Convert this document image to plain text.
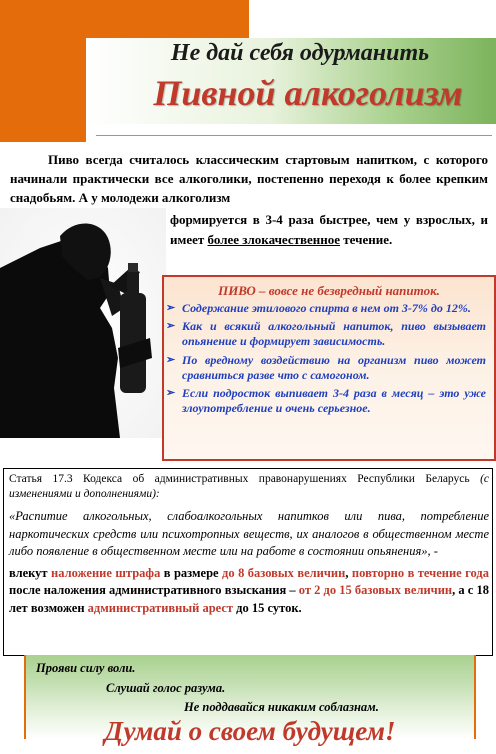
Не дай себя одурманить
Пивной алкоголизм

Пиво всегда считалось классическим стартовым напитком, с которого начинали практически все алкоголики, постепенно переходя к более крепким снадобьям. А у молодежи алкоголизм

формируется в 3-4 раза быстрее, чем у взрослых, и имеет более злокачественное течение.

ПИВО – вовсе не безвредный напиток.
➢ Содержание этилового спирта в нем от 3-7% до 12%.
➢ Как и всякий алкогольный напиток, пиво вызывает опьянение и формирует зависимость.
➢ По вредному воздействию на организм пиво может сравниться разве что с самогоном.
➢ Если подросток выпивает 3-4 раза в месяц – это уже злоупотребление и очень серьезное.

Статья 17.3 Кодекса об административных правонарушениях Республики Беларусь (с изменениями и дополнениями):

«Распитие алкогольных, слабоалкогольных напитков или пива, потребление наркотических средств или психотропных веществ, их аналогов в общественном месте либо появление в общественном месте или на работе в состоянии опьянения», -

влекут наложение штрафа в размере до 8 базовых величин, повторно в течение года после наложения административного взыскания – от 2 до 15 базовых величин, а с 18 лет возможен административный арест до 15 суток.

Прояви силу воли.
Слушай голос разума.
Не поддавайся никаким соблазнам.
Думай о своем будущем!
